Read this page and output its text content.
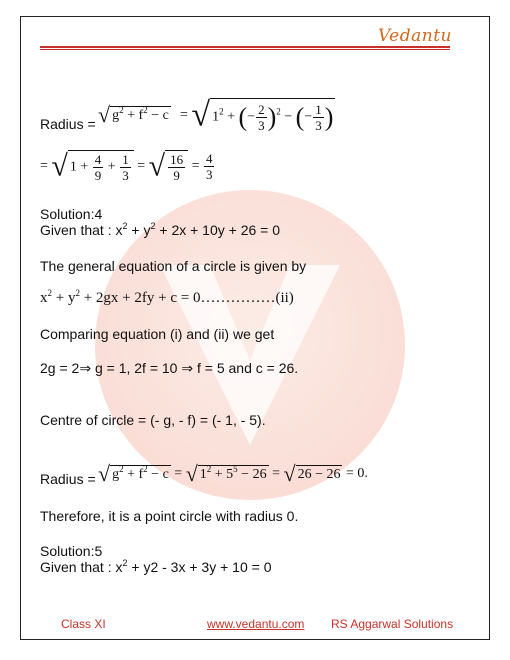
Vedantu
Radius = √ $g^2 + f^2 - c$ = √ $1^2$ + (− $\frac{2}{3} )^2$ − (− $\frac{1}{3}$ )
= √ $1 + \frac{4}{9} + \frac{1}{3}$ = √ $\frac{16}{9} = \frac{4}{3}$
Solution:4
Given that : $x^2 + y^2 + 2x + 10y + 26 = 0$
The general equation of a circle is given by
$x^2 + y^2 + 2gx + 2fy + c$ = 0……………(ii)
Comparing equation (i) and (ii) we get
2g = 2⇒ g = 1, 2f = 10 ⇒ f = 5 and c = 26.
Centre of circle = (- g, - f) = (- 1, - 5).
Radius = √ $g^2 + f^2 - c$ = √ $1^2 + 5^5 - 26$ = √ 26 − 26 = 0.
Therefore, it is a point circle with radius 0.
Solution:5
Given that : $x^2 + y2 - 3x + 3y + 10 = 0$
Class XI	www.vedantu.com RS Aggarwal Solutions
